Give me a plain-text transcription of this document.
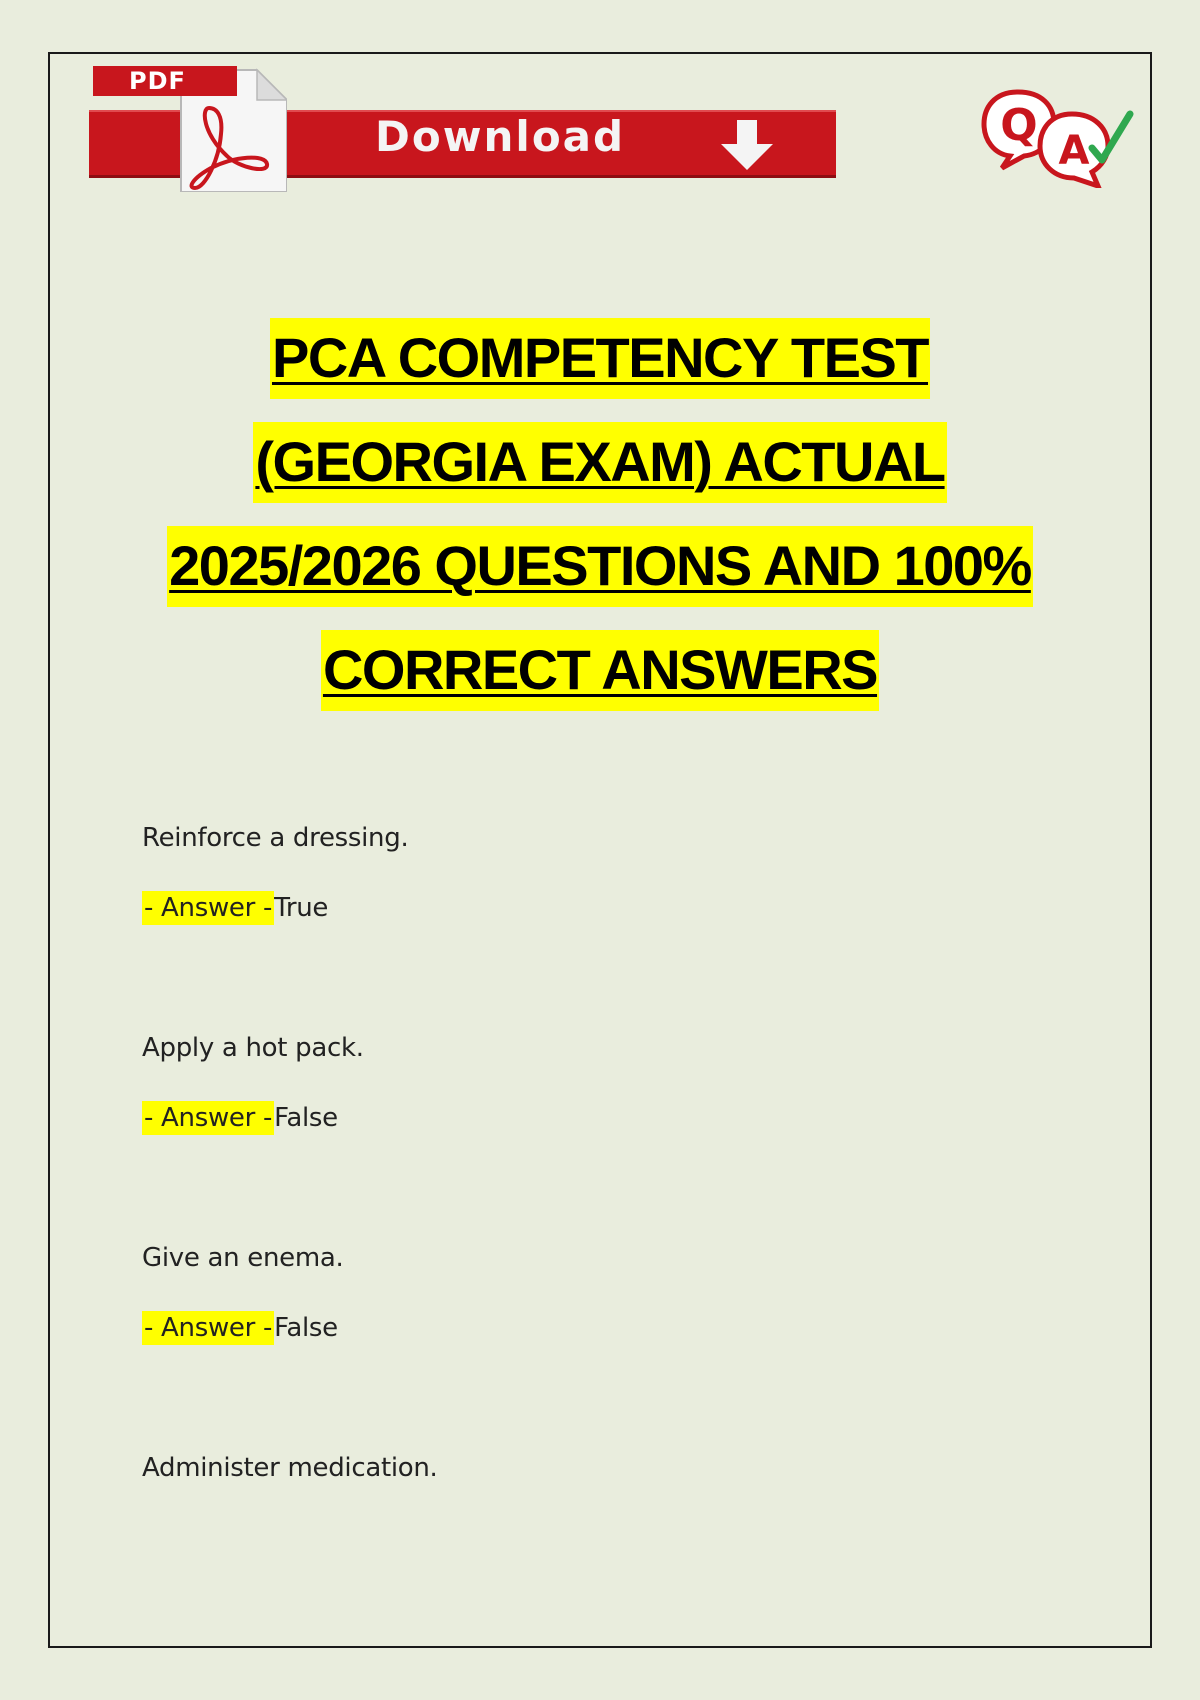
PDF
Download	Q A
PCA COMPETENCY TEST
(GEORGIA EXAM) ACTUAL
2025/2026 QUESTIONS AND 100%
CORRECT ANSWERS

Reinforce a dressing.

- Answer -True

Apply a hot pack.

- Answer -False

Give an enema.

- Answer -False

Administer medication.
